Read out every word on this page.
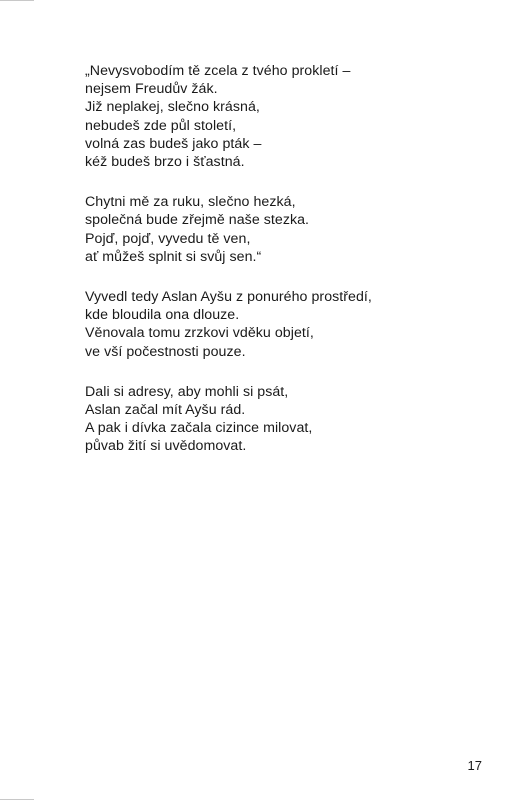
„Nevysvobodím tě zcela z tvého prokletí –
nejsem Freudův žák.
Již neplakej, slečno krásná,
nebudeš zde půl století,
volná zas budeš jako pták –
kéž budeš brzo i šťastná.
Chytni mě za ruku, slečno hezká,
společná bude zřejmě naše stezka.
Pojď, pojď, vyvedu tě ven,
ať můžeš splnit si svůj sen.“
Vyvedl tedy Aslan Ayšu z ponurého prostředí,
kde bloudila ona dlouze.
Věnovala tomu zrzkovi vděku objetí,
ve vší počestnosti pouze.
Dali si adresy, aby mohli si psát,
Aslan začal mít Ayšu rád.
A pak i dívka začala cizince milovat,
půvab žití si uvědomovat.
17
